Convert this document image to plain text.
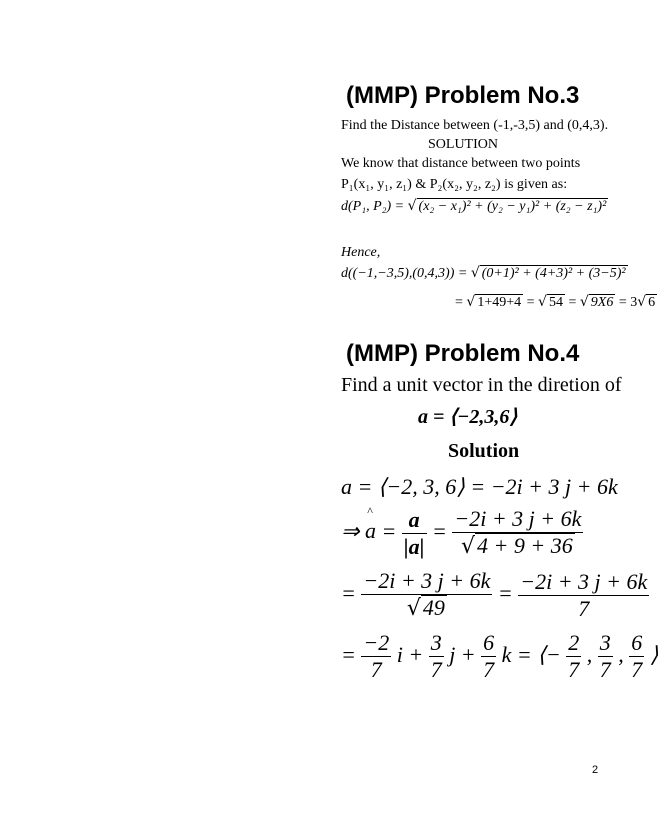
(MMP) Problem No.3
Find the Distance between (-1,-3,5) and (0,4,3).
SOLUTION
We know that distance between two points
P₁(x₁, y₁, z₁) & P₂(x₂, y₂, z₂) is given as:
d(P₁, P₂) = √ (x₂ − x₁)² + (y₂ − y₁)² + (z₂ − z₁)²
Hence,
d((−1,−3,5),(0,4,3)) = √ (0+1)² + (4+3)² + (3−5)²
= √ 1+49+4 = √ 54 = √ 9X6 = 3√ 6
(MMP) Problem No.4
Find a unit vector in the diretion of
a = ⟨−2,3,6⟩
Solution
a = ⟨−2, 3, 6⟩ = −2i + 3 j + 6k
⇒
^
$a = \frac{a}{|a|} = \frac{-2i + 3 j + 6k}{√4 + 9 + 36}$
= $\frac{-2i + 3 j + 6k}{√49} = \frac{-2i + 3 j + 6k}{7}$
= $\frac{-2}{7}$ $i + \frac{3}{7}$ $j + \frac{6}{7}$ k = ⟨− $\frac{2}{7}$ , $\frac{3}{7}$ , $\frac{6}{7}$ ⟩
2
